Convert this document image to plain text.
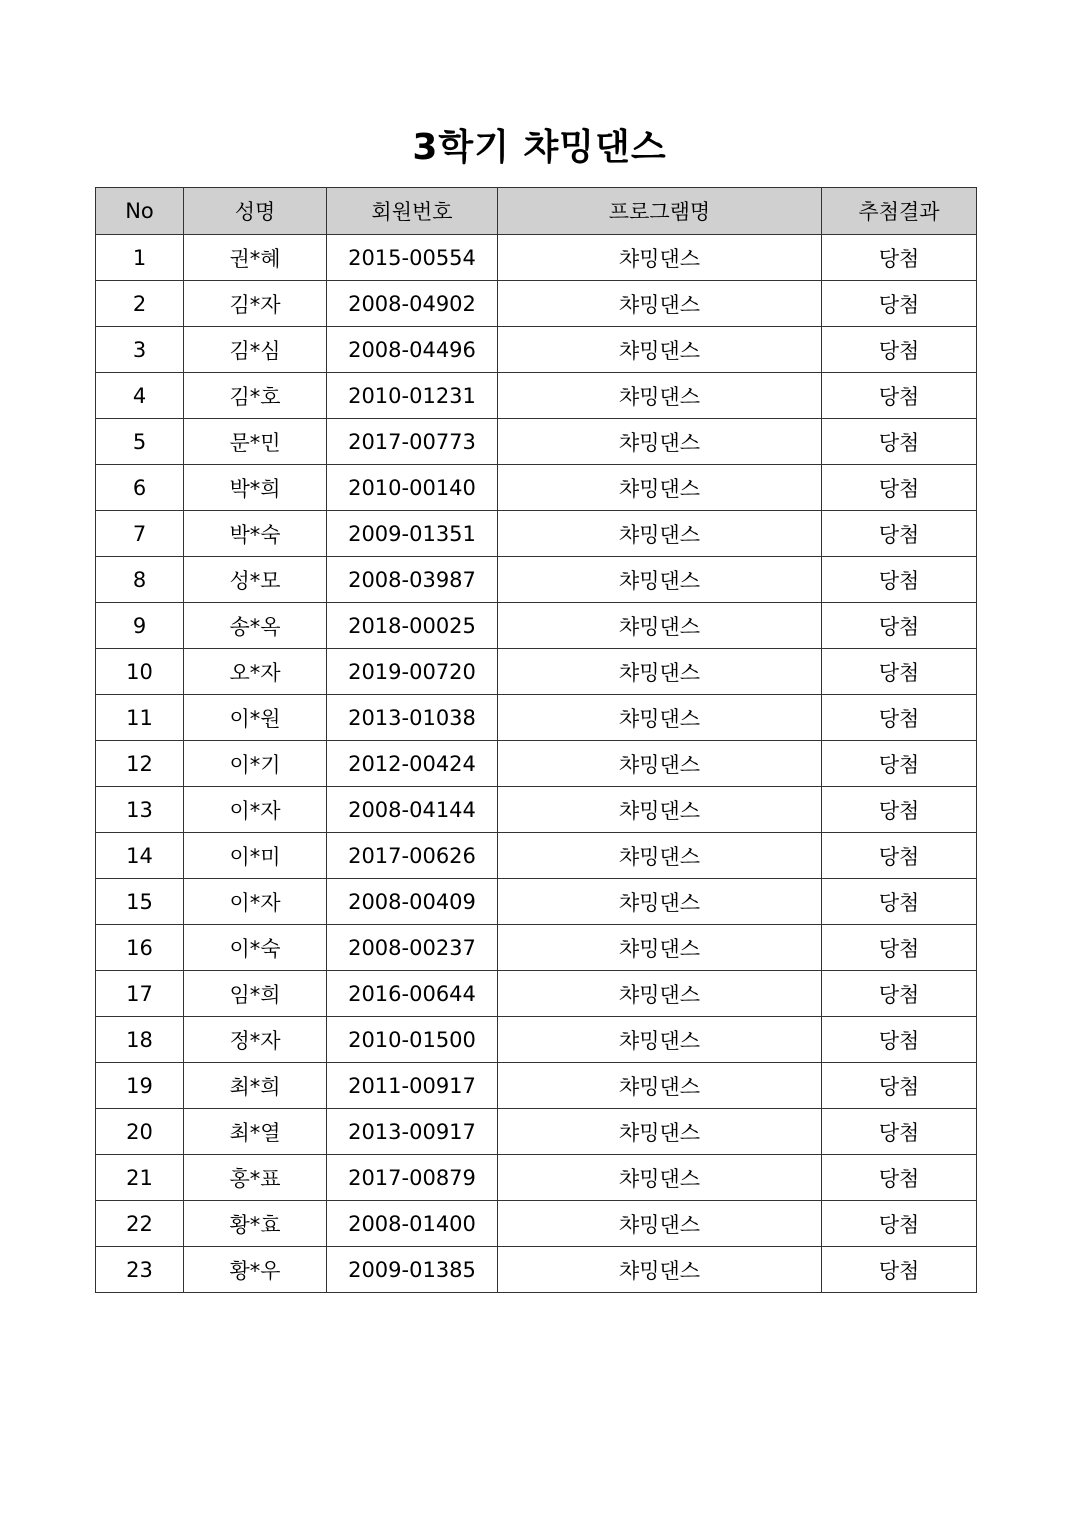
3학기 챠밍댄스
No	성명	회원번호	프로그램명	추첨결과
1	권*혜	2015-00554	챠밍댄스	당첨
2	김*자	2008-04902	챠밍댄스	당첨
3	김*심	2008-04496	챠밍댄스	당첨
4	김*호	2010-01231	챠밍댄스	당첨
5	문*민	2017-00773	챠밍댄스	당첨
6	박*희	2010-00140	챠밍댄스	당첨
7	박*숙	2009-01351	챠밍댄스	당첨
8	성*모	2008-03987	챠밍댄스	당첨
9	송*옥	2018-00025	챠밍댄스	당첨
10	오*자	2019-00720	챠밍댄스	당첨
11	이*원	2013-01038	챠밍댄스	당첨
12	이*기	2012-00424	챠밍댄스	당첨
13	이*자	2008-04144	챠밍댄스	당첨
14	이*미	2017-00626	챠밍댄스	당첨
15	이*자	2008-00409	챠밍댄스	당첨
16	이*숙	2008-00237	챠밍댄스	당첨
17	임*희	2016-00644	챠밍댄스	당첨
18	정*자	2010-01500	챠밍댄스	당첨
19	최*희	2011-00917	챠밍댄스	당첨
20	최*열	2013-00917	챠밍댄스	당첨
21	홍*표	2017-00879	챠밍댄스	당첨
22	황*효	2008-01400	챠밍댄스	당첨
23	황*우	2009-01385	챠밍댄스	당첨
